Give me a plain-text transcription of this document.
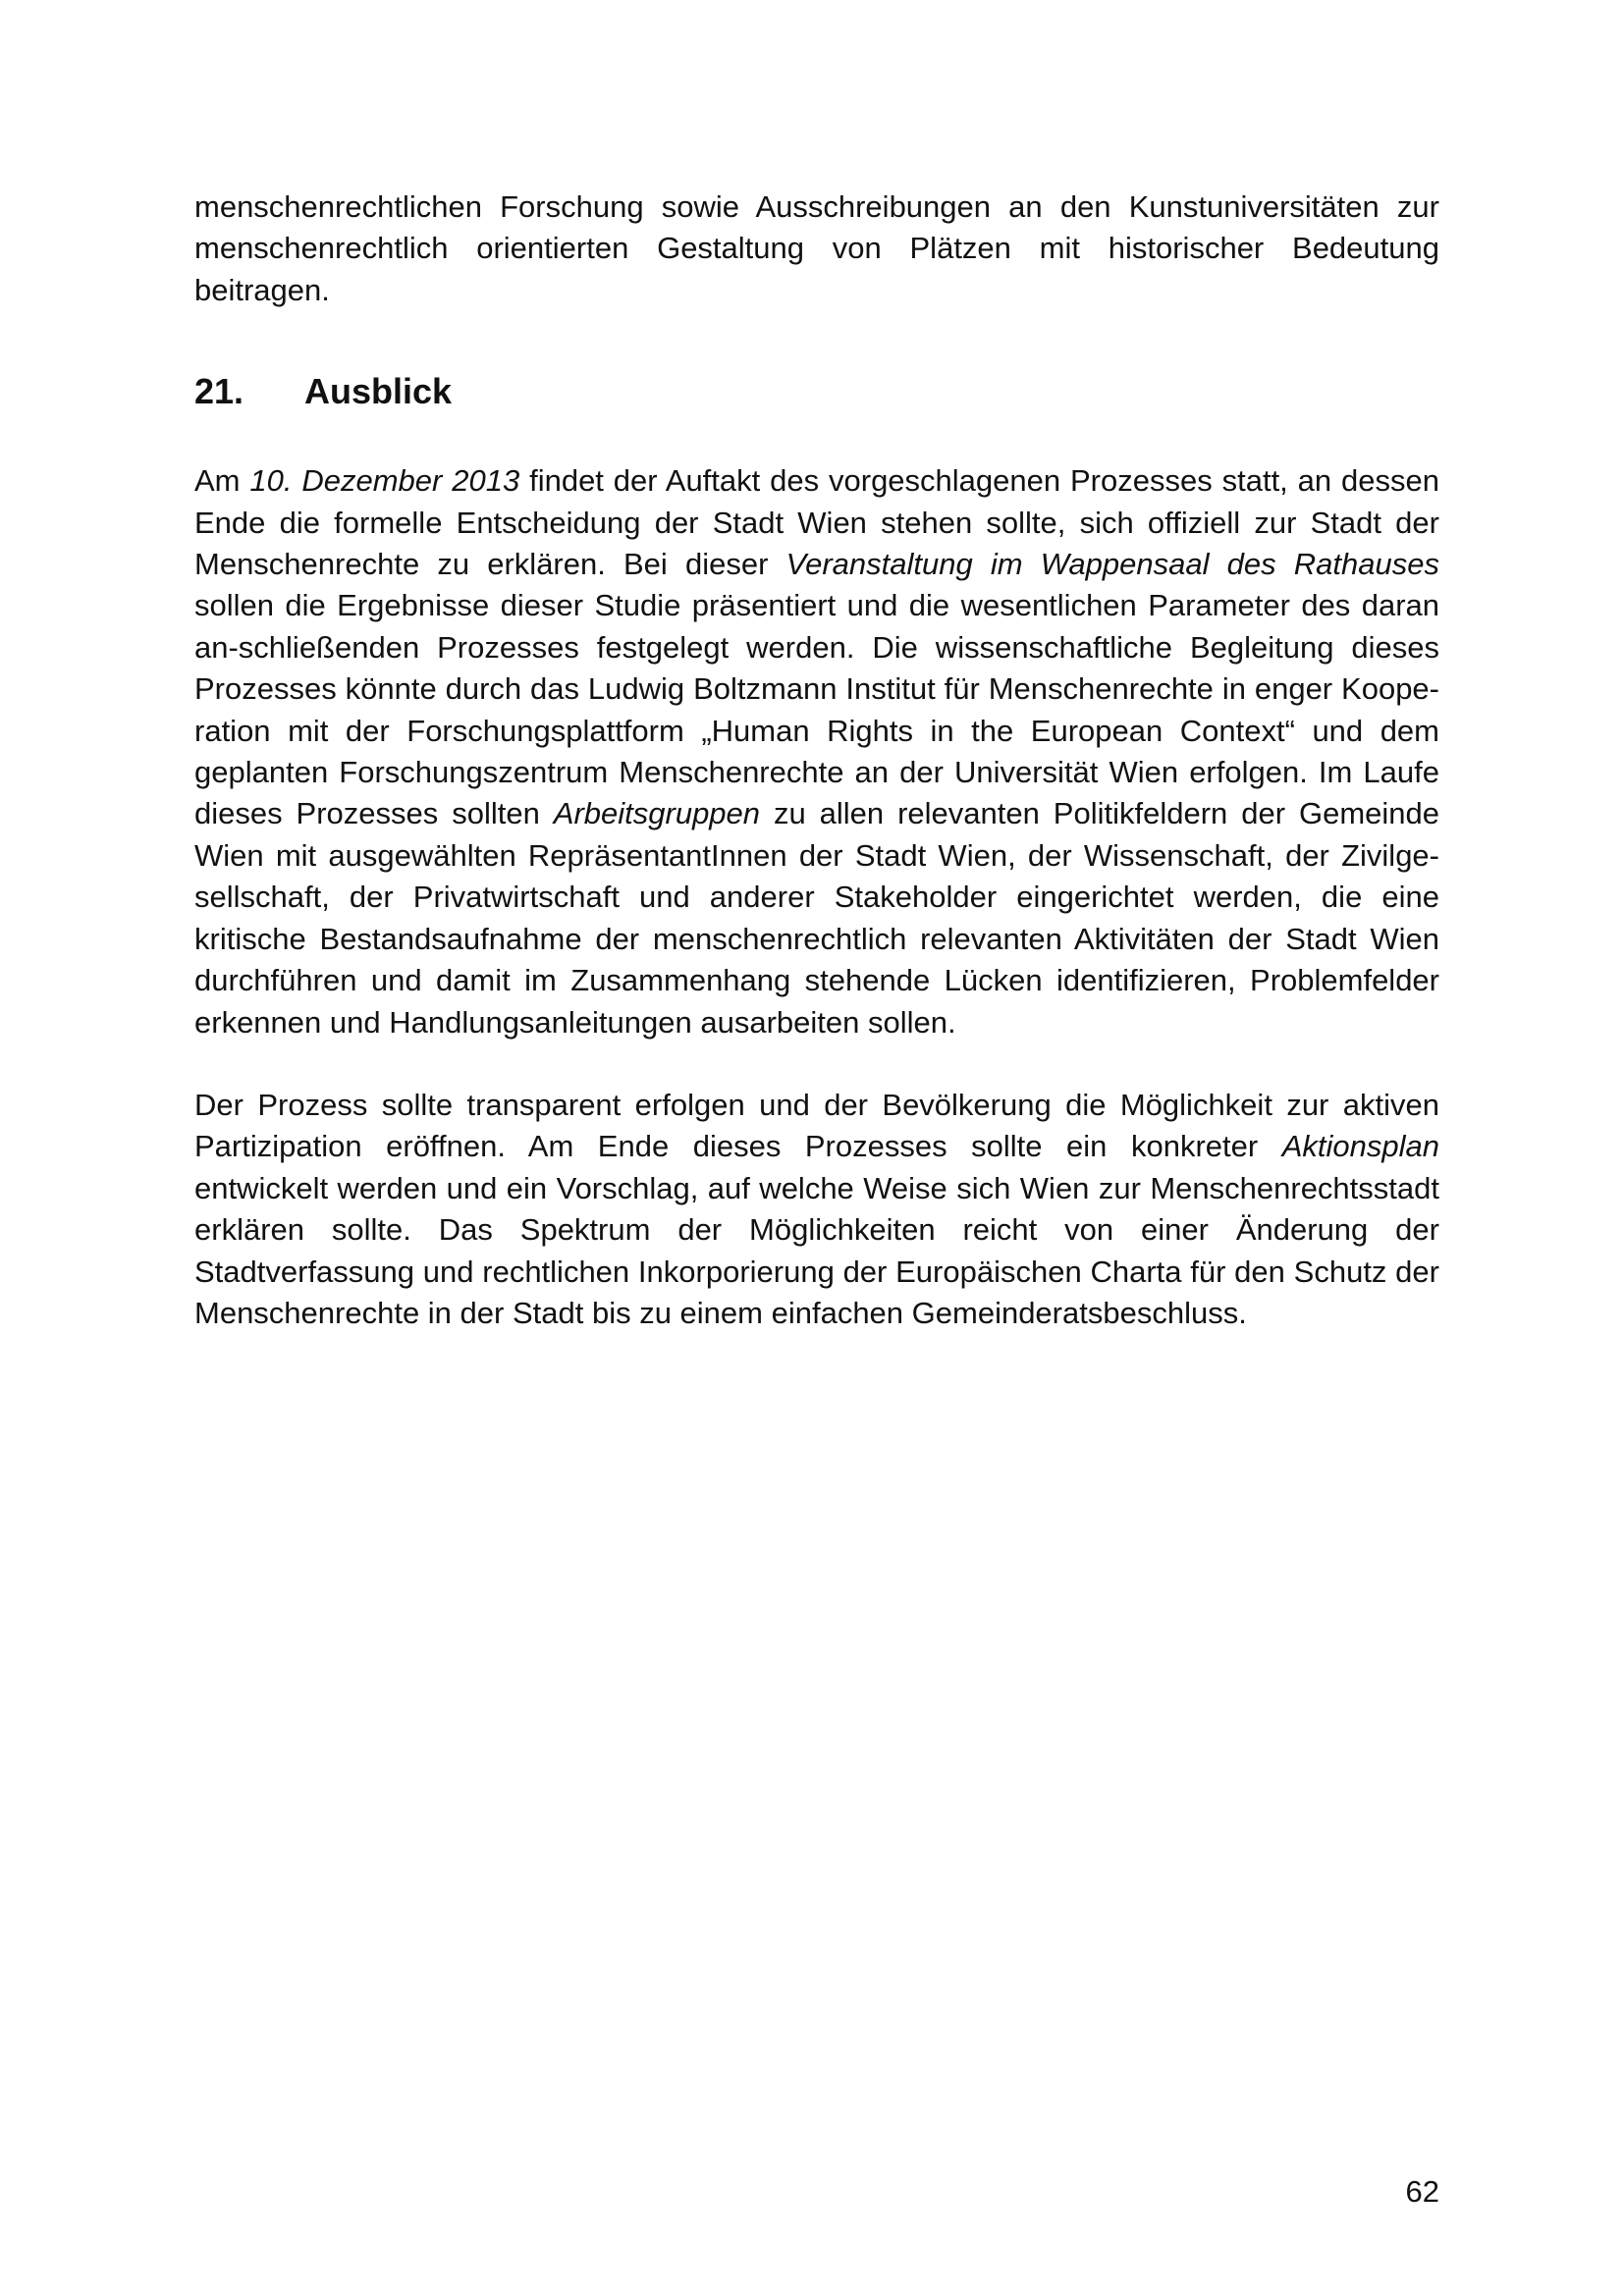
menschenrechtlichen Forschung sowie Ausschreibungen an den Kunstuniversitäten zur menschenrechtlich orientierten Gestaltung von Plätzen mit historischer Bedeutung beitragen.

21.	Ausblick

Am 10. Dezember 2013 findet der Auftakt des vorgeschlagenen Prozesses statt, an dessen Ende die formelle Entscheidung der Stadt Wien stehen sollte, sich offiziell zur Stadt der Menschenrechte zu erklären. Bei dieser Veranstaltung im Wappensaal des Rathauses sollen die Ergebnisse dieser Studie präsentiert und die wesentlichen Parameter des daran an-schließenden Prozesses festgelegt werden. Die wissenschaftliche Begleitung dieses Prozesses könnte durch das Ludwig Boltzmann Institut für Menschenrechte in enger Koope-ration mit der Forschungsplattform „Human Rights in the European Context“ und dem geplanten Forschungszentrum Menschenrechte an der Universität Wien erfolgen. Im Laufe dieses Prozesses sollten Arbeitsgruppen zu allen relevanten Politikfeldern der Gemeinde Wien mit ausgewählten RepräsentantInnen der Stadt Wien, der Wissenschaft, der Zivilge-sellschaft, der Privatwirtschaft und anderer Stakeholder eingerichtet werden, die eine kritische Bestandsaufnahme der menschenrechtlich relevanten Aktivitäten der Stadt Wien durchführen und damit im Zusammenhang stehende Lücken identifizieren, Problemfelder erkennen und Handlungsanleitungen ausarbeiten sollen.

Der Prozess sollte transparent erfolgen und der Bevölkerung die Möglichkeit zur aktiven Partizipation eröffnen. Am Ende dieses Prozesses sollte ein konkreter Aktionsplan entwickelt werden und ein Vorschlag, auf welche Weise sich Wien zur Menschenrechtsstadt erklären sollte. Das Spektrum der Möglichkeiten reicht von einer Änderung der Stadtverfassung und rechtlichen Inkorporierung der Europäischen Charta für den Schutz der Menschenrechte in der Stadt bis zu einem einfachen Gemeinderatsbeschluss.

62
